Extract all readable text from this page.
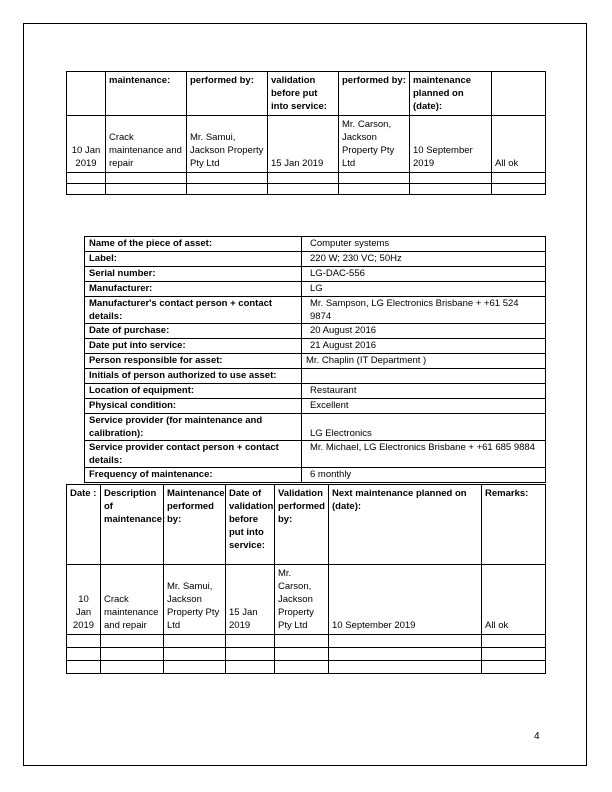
	maintenance:	performed by:	validation before put into service:	performed by:	maintenance planned on (date):	
10 Jan 2019	Crack maintenance and repair	Mr. Samui, Jackson Property Pty Ltd	15 Jan 2019	Mr. Carson, Jackson Property Pty Ltd	10 September 2019	All ok

Name of the piece of asset:	Computer systems
Label:	220 W; 230 VC; 50Hz
Serial number:	LG-DAC-556
Manufacturer:	LG
Manufacturer's contact person + contact details:	Mr. Sampson, LG Electronics Brisbane + +61 524 9874
Date of purchase:	20 August 2016
Date put into service:	21 August 2016
Person responsible for asset:	Mr. Chaplin (IT Department )
Initials of person authorized to use asset:	
Location of equipment:	Restaurant
Physical condition:	Excellent
Service provider (for maintenance and calibration):	LG Electronics
Service provider contact person + contact details:	Mr. Michael, LG Electronics Brisbane + +61 685 9884
Frequency of maintenance:	6 monthly
Date :	Description of maintenance:	Maintenance performed by:	Date of validation before put into service:	Validation performed by:	Next maintenance planned on (date):	Remarks:
10 Jan 2019	Crack maintenance and repair	Mr. Samui, Jackson Property Pty Ltd	15 Jan 2019	Mr. Carson, Jackson Property Pty Ltd	10 September 2019	All ok

4
